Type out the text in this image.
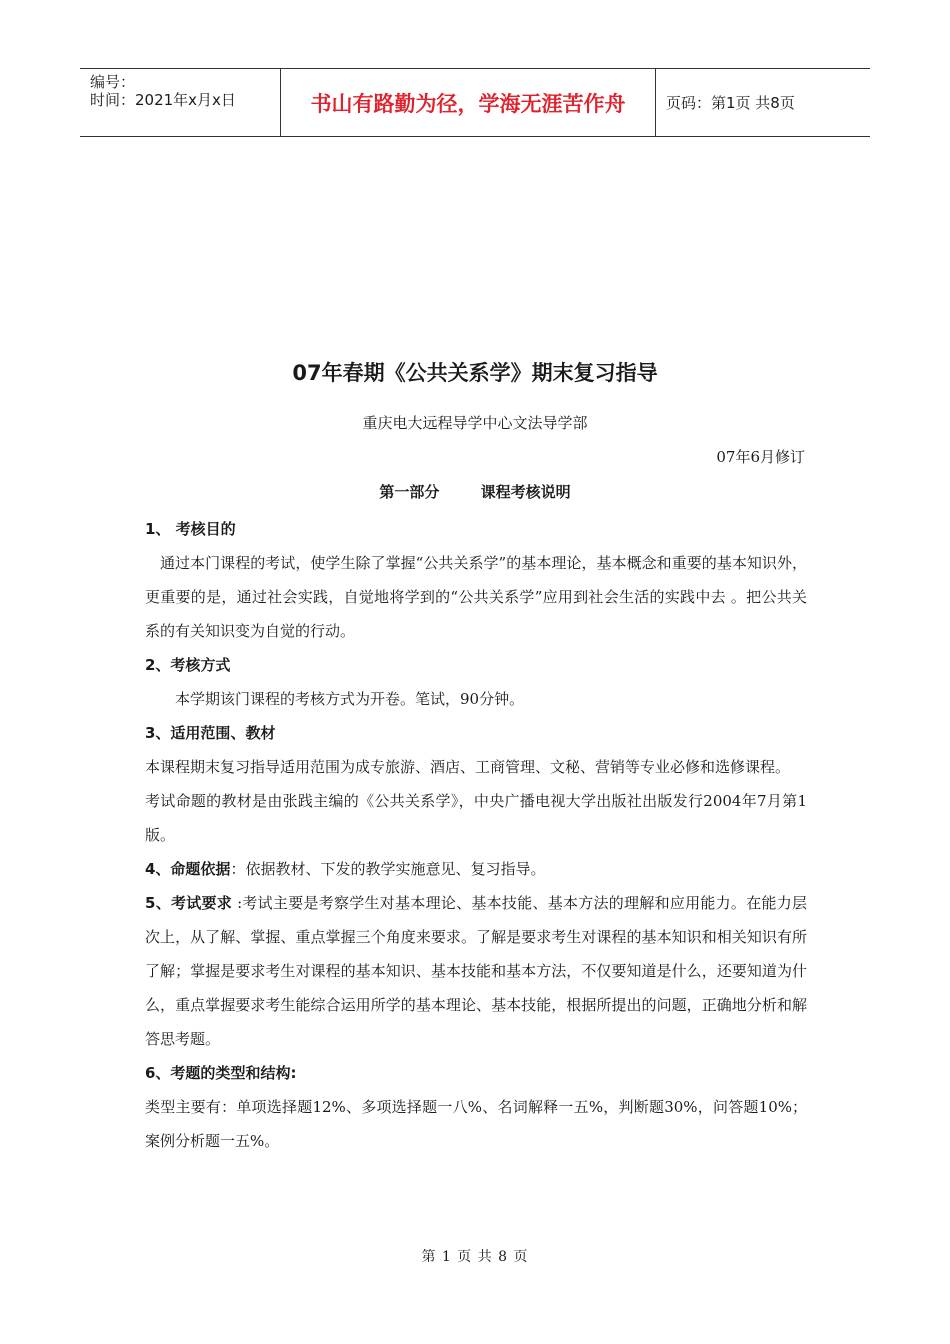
编号：
时间：2021年x月x日	书山有路勤为径，学海无涯苦作舟	页码：第1页 共8页
07年春期《公共关系学》期末复习指导
重庆电大远程导学中心文法导学部
07年6月修订
第一部分	课程考核说明

1、 考核目的

通过本门课程的考试，使学生除了掌握“公共关系学”的基本理论，基本概念和重要的基本知识外，更重要的是，通过社会实践，自觉地将学到的“公共关系学”应用到社会生活的实践中去 。把公共关系的有关知识变为自觉的行动。

2、考核方式

本学期该门课程的考核方式为开卷。笔试，90分钟。

3、适用范围、教材

本课程期末复习指导适用范围为成专旅游、酒店、工商管理、文秘、营销等专业必修和选修课程。

考试命题的教材是由张践主编的《公共关系学》，中央广播电视大学出版社出版发行2004年7月第1版。

4、命题依据：依据教材、下发的教学实施意见、复习指导。

5、考试要求 :考试主要是考察学生对基本理论、基本技能、基本方法的理解和应用能力。在能力层次上，从了解、掌握、重点掌握三个角度来要求。了解是要求考生对课程的基本知识和相关知识有所了解；掌握是要求考生对课程的基本知识、基本技能和基本方法，不仅要知道是什么，还要知道为什么，重点掌握要求考生能综合运用所学的基本理论、基本技能，根据所提出的问题，正确地分析和解答思考题。

6、考题的类型和结构:

类型主要有：单项选择题12%、多项选择题一八%、名词解释一五%，判断题30%，问答题10%；案例分析题一五%。

第 1 页 共 8 页
